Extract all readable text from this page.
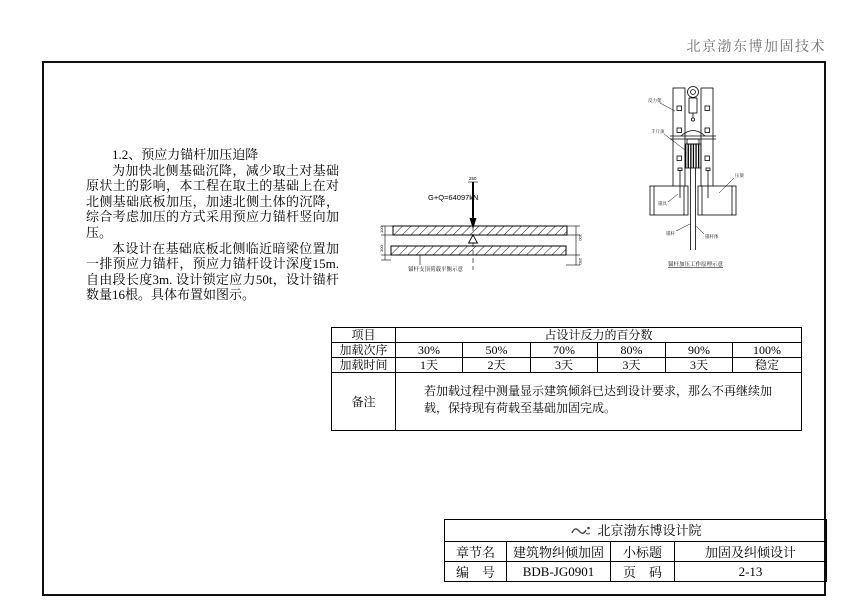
北京渤东博加固技术
1.2、预应力锚杆加压迫降

为加快北侧基础沉降，减少取土对基础原状土的影响，本工程在取土的基础上在对北侧基础底板加压，加速北侧土体的沉降，综合考虑加压的方式采用预应力锚杆竖向加压。

本设计在基础底板北侧临近暗梁位置加一排预应力锚杆，预应力锚杆设计深度15m. 自由段长度3m. 设计锁定应力50t，设计锚杆数量16根。具体布置如图示。

G+Q=64097kN
250
100
300
100
250
锚杆支顶荷载平衡示意
反力架
千斤顶
压梁
锚具
锚杆
锚杆体
锚杆加压工作原理示意
项目	占设计反力的百分数					
加载次序	30%	50%	70%	80%	90%	100%
加载时间	1天	2天	3天	3天	3天	稳定
备注	若加载过程中测量显示建筑倾斜已达到设计要求，那么不再继续加载，保持现有荷载至基础加固完成。					
北京渤东博设计院			
章节名	建筑物纠倾加固	小标题	加固及纠倾设计
编　号	BDB-JG0901	页　码	2-13
